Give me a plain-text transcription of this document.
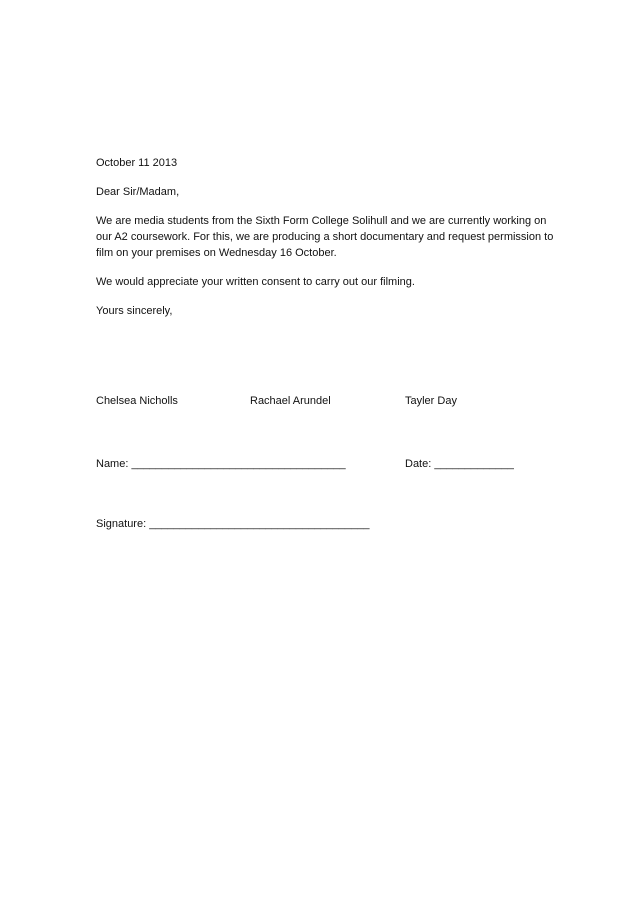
October 11 2013

Dear Sir/Madam,

We are media students from the Sixth Form College Solihull and we are currently working on our A2 coursework. For this, we are producing a short documentary and request permission to film on your premises on Wednesday 16 October.

We would appreciate your written consent to carry out our filming.

Yours sincerely,

Chelsea Nicholls	Rachael Arundel	Tayler Day
Name: ___________________________________	Date: _____________
Signature: ____________________________________
